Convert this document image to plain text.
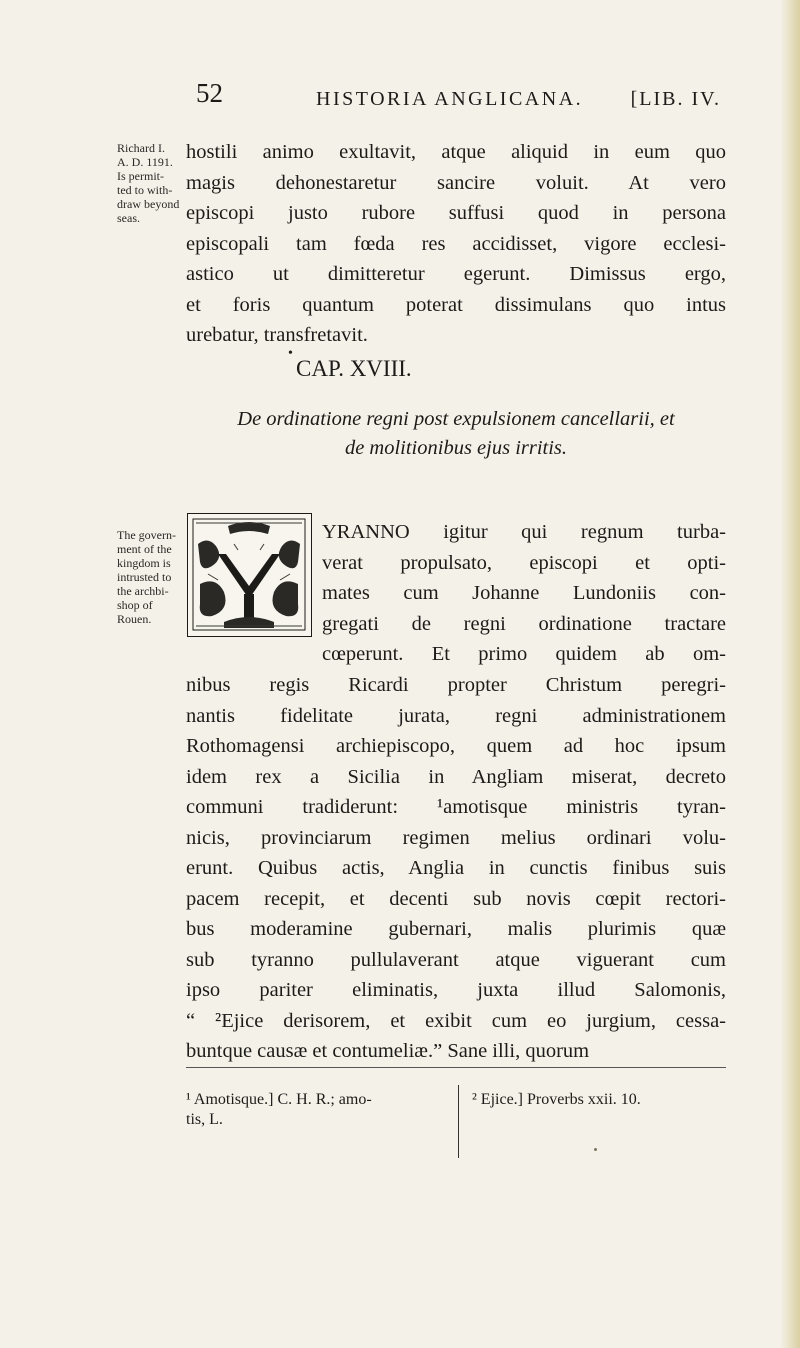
52	HISTORIA ANGLICANA. [LIB. IV.
Richard I.
A. D. 1191.
Is permit-
ted to with-
draw beyond
seas.
The govern-
ment of the
kingdom is
intrusted to
the archbi-
shop of
Rouen.
hostili animo exultavit, atque aliquid in eum quo
magis dehonestaretur sancire voluit. At vero
episcopi justo rubore suffusi quod in persona
episcopali tam fœda res accidisset, vigore ecclesi-
astico ut dimitteretur egerunt. Dimissus ergo,
et foris quantum poterat dissimulans quo intus
urebatur, transfretavit.
•
CAP. XVIII.
De ordinatione regni post expulsionem cancellarii, et
de molitionibus ejus irritis.
YRANNO igitur qui regnum turba-
verat propulsato, episcopi et opti-
mates cum Johanne Lundoniis con-
gregati de regni ordinatione tractare
cœperunt. Et primo quidem ab om-
nibus regis Ricardi propter Christum peregri-
nantis fidelitate jurata, regni administrationem
Rothomagensi archiepiscopo, quem ad hoc ipsum
idem rex a Sicilia in Angliam miserat, decreto
communi tradiderunt: ¹amotisque ministris tyran-
nicis, provinciarum regimen melius ordinari volu-
erunt. Quibus actis, Anglia in cunctis finibus suis
pacem recepit, et decenti sub novis cœpit rectori-
bus moderamine gubernari, malis plurimis quæ
sub tyranno pullulaverant atque viguerant cum
ipso pariter eliminatis, juxta illud Salomonis,
“ ²Ejice derisorem, et exibit cum eo jurgium, cessa-
buntque causæ et contumeliæ.” Sane illi, quorum
¹ Amotisque.] C. H. R.; amo-
tis, L.
² Ejice.] Proverbs xxii. 10.
